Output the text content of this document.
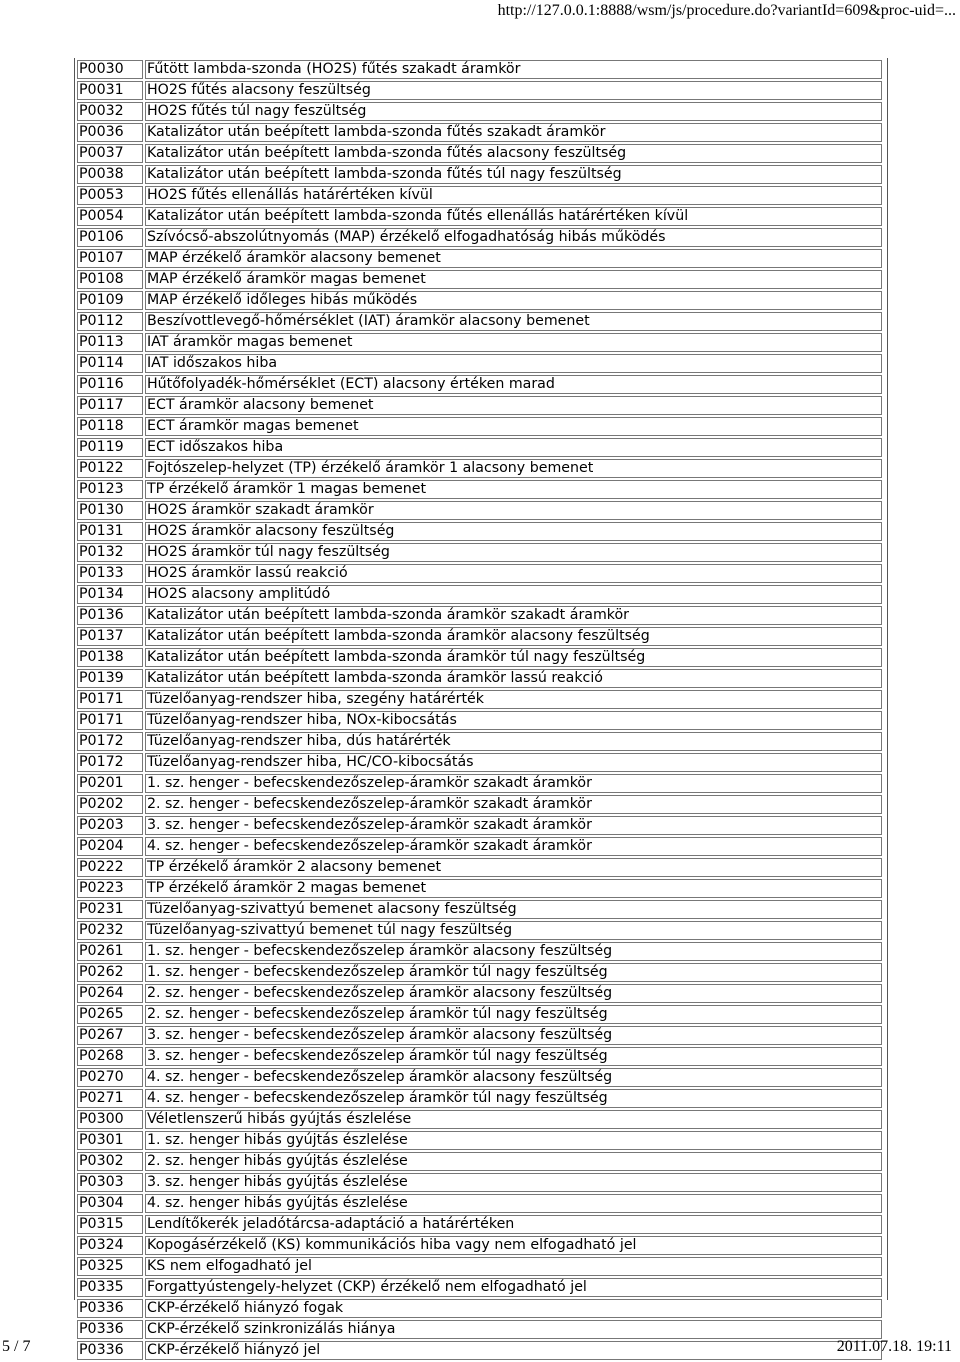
http://127.0.0.1:8888/wsm/js/procedure.do?variantId=609&proc-uid=...
P0030	Fűtött lambda-szonda (HO2S) fűtés szakadt áramkör
P0031	HO2S fűtés alacsony feszültség
P0032	HO2S fűtés túl nagy feszültség
P0036	Katalizátor után beépített lambda-szonda fűtés szakadt áramkör
P0037	Katalizátor után beépített lambda-szonda fűtés alacsony feszültség
P0038	Katalizátor után beépített lambda-szonda fűtés túl nagy feszültség
P0053	HO2S fűtés ellenállás határértéken kívül
P0054	Katalizátor után beépített lambda-szonda fűtés ellenállás határértéken kívül
P0106	Szívócső-abszolútnyomás (MAP) érzékelő elfogadhatóság hibás működés
P0107	MAP érzékelő áramkör alacsony bemenet
P0108	MAP érzékelő áramkör magas bemenet
P0109	MAP érzékelő időleges hibás működés
P0112	Beszívottlevegő-hőmérséklet (IAT) áramkör alacsony bemenet
P0113	IAT áramkör magas bemenet
P0114	IAT időszakos hiba
P0116	Hűtőfolyadék-hőmérséklet (ECT) alacsony értéken marad
P0117	ECT áramkör alacsony bemenet
P0118	ECT áramkör magas bemenet
P0119	ECT időszakos hiba
P0122	Fojtószelep-helyzet (TP) érzékelő áramkör 1 alacsony bemenet
P0123	TP érzékelő áramkör 1 magas bemenet
P0130	HO2S áramkör szakadt áramkör
P0131	HO2S áramkör alacsony feszültség
P0132	HO2S áramkör túl nagy feszültség
P0133	HO2S áramkör lassú reakció
P0134	HO2S alacsony amplitúdó
P0136	Katalizátor után beépített lambda-szonda áramkör szakadt áramkör
P0137	Katalizátor után beépített lambda-szonda áramkör alacsony feszültség
P0138	Katalizátor után beépített lambda-szonda áramkör túl nagy feszültség
P0139	Katalizátor után beépített lambda-szonda áramkör lassú reakció
P0171	Tüzelőanyag-rendszer hiba, szegény határérték
P0171	Tüzelőanyag-rendszer hiba, NOx-kibocsátás
P0172	Tüzelőanyag-rendszer hiba, dús határérték
P0172	Tüzelőanyag-rendszer hiba, HC/CO-kibocsátás
P0201	1. sz. henger - befecskendezőszelep-áramkör szakadt áramkör
P0202	2. sz. henger - befecskendezőszelep-áramkör szakadt áramkör
P0203	3. sz. henger - befecskendezőszelep-áramkör szakadt áramkör
P0204	4. sz. henger - befecskendezőszelep-áramkör szakadt áramkör
P0222	TP érzékelő áramkör 2 alacsony bemenet
P0223	TP érzékelő áramkör 2 magas bemenet
P0231	Tüzelőanyag-szivattyú bemenet alacsony feszültség
P0232	Tüzelőanyag-szivattyú bemenet túl nagy feszültség
P0261	1. sz. henger - befecskendezőszelep áramkör alacsony feszültség
P0262	1. sz. henger - befecskendezőszelep áramkör túl nagy feszültség
P0264	2. sz. henger - befecskendezőszelep áramkör alacsony feszültség
P0265	2. sz. henger - befecskendezőszelep áramkör túl nagy feszültség
P0267	3. sz. henger - befecskendezőszelep áramkör alacsony feszültség
P0268	3. sz. henger - befecskendezőszelep áramkör túl nagy feszültség
P0270	4. sz. henger - befecskendezőszelep áramkör alacsony feszültség
P0271	4. sz. henger - befecskendezőszelep áramkör túl nagy feszültség
P0300	Véletlenszerű hibás gyújtás észlelése
P0301	1. sz. henger hibás gyújtás észlelése
P0302	2. sz. henger hibás gyújtás észlelése
P0303	3. sz. henger hibás gyújtás észlelése
P0304	4. sz. henger hibás gyújtás észlelése
P0315	Lendítőkerék jeladótárcsa-adaptáció a határértéken
P0324	Kopogásérzékelő (KS) kommunikációs hiba vagy nem elfogadható jel
P0325	KS nem elfogadható jel
P0335	Forgattyústengely-helyzet (CKP) érzékelő nem elfogadható jel
P0336	CKP-érzékelő hiányzó fogak
P0336	CKP-érzékelő szinkronizálás hiánya
P0336	CKP-érzékelő hiányzó jel
5 / 7	2011.07.18. 19:11
